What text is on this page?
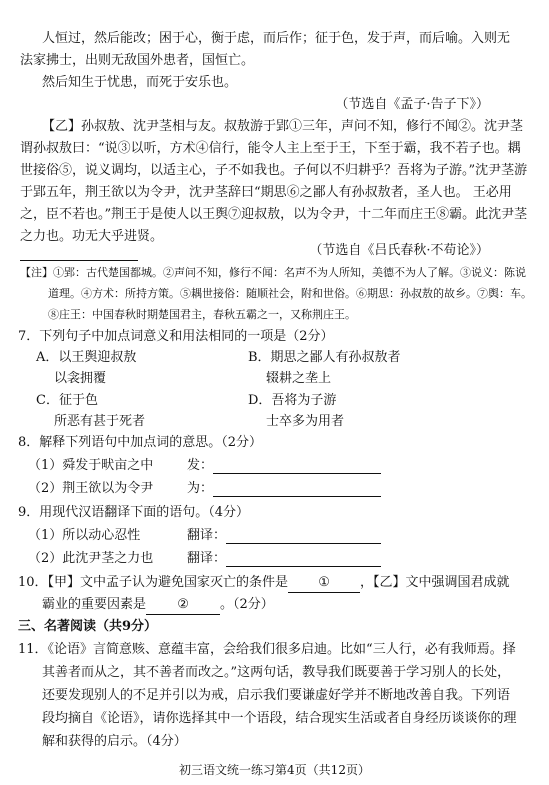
人恒过，然后能改；困于心，衡于虑，而后作；征于色，发于声，而后喻。入则无
法家拂士，出则无敌国外患者，国恒亡。
然后知生于忧患，而死于安乐也。
（节选自《孟子·告子下》）
【乙】孙叔敖、沈尹茎相与友。叔敖游于郢①三年，声问不知，修行不闻②。沈尹茎
谓孙叔敖曰：“说③以听，方术④信行，能令人主上至于王，下至于霸，我不若子也。耦
世接俗⑤，说义调均，以适主心，子不如我也。子何以不归耕乎？吾将为子游。”沈尹茎游
于郢五年，荆王欲以为令尹，沈尹茎辞曰“期思⑥之鄙人有孙叔敖者，圣人也。 王必用
之，臣不若也。”荆王于是使人以王舆⑦迎叔敖，以为令尹，十二年而庄王⑧霸。此沈尹茎
之力也。功无大乎进贤。
（节选自《吕氏春秋·不苟论》）
【注】①郢：古代楚国都城。②声问不知，修行不闻：名声不为人所知，美德不为人了解。③说义：陈说
道理。④方术：所持方策。⑤耦世接俗：随顺社会，附和世俗。⑥期思：孙叔敖的故乡。⑦舆：车。
⑧庄王：中国春秋时期楚国君主，春秋五霸之一，又称荆庄王。
7．下列句子中加点词意义和用法相同的一项是（2分）
A．以王舆迎叔敖	B．期思之鄙人有孙叔敖者
以衾拥覆	辍耕之垄上
C．征于色	D．吾将为子游
所恶有甚于死者	士卒多为用者
8．解释下列语句中加点词的意思。（2分）
（1）舜发于畎亩之中	发：
（2）荆王欲以为令尹	为：
9．用现代汉语翻译下面的语句。（4分）
（1）所以动心忍性	翻译：
（2）此沈尹茎之力也	翻译：
10．【甲】文中孟子认为避免国家灭亡的条件是 ① ，【乙】文中强调国君成就
霸业的重要因素是 ② 。（2分）
三、名著阅读（共9分）
11．《论语》言简意赅、意蕴丰富，会给我们很多启迪。比如“三人行，必有我师焉。择
其善者而从之，其不善者而改之。”这两句话，教导我们既要善于学习别人的长处，
还要发现别人的不足并引以为戒，启示我们要谦虚好学并不断地改善自我。下列语
段均摘自《论语》，请你选择其中一个语段，结合现实生活或者自身经历谈谈你的理
解和获得的启示。（4分）
初三语文统一练习第4页（共12页）
